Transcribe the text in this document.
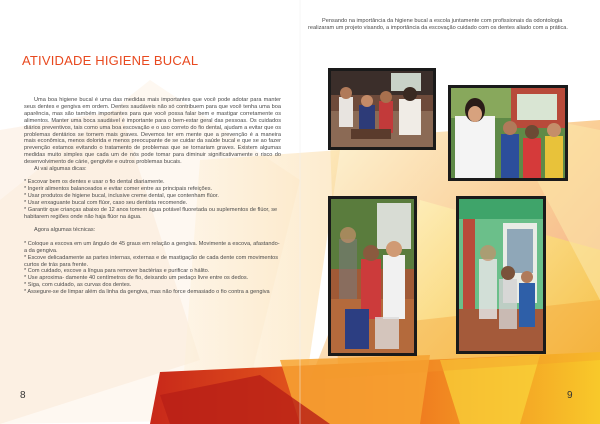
ATIVIDADE HIGIENE BUCAL

Uma boa higiene bucal é uma das medidas mais importantes que você pode adotar para manter seus dentes e gengiva em ordem. Dentes saudáveis não só contribuem para que você tenha uma boa aparência, mas são também importantes para que você possa falar bem e mastigar corretamente os alimentos. Manter uma boca saudável é importante para o bem-estar geral das pessoas. Os cuidados diários preventivos, tais como uma boa escovação e o uso correto do fio dental, ajudam a evitar que os problemas dentários se tornem mais graves. Devemos ter em mente que a prevenção é a maneira mais econômica, menos dolorida e menos preocupante de se cuidar da saúde bucal e que se ao fazer prevenção estamos evitando o tratamento de problemas que se tornariam graves. Existem algumas medidas muito simples que cada um de nós pode tomar para diminuir significativamente o risco do desenvolvimento de cárie, gengivite e outros problemas bucais.

Ai vai algumas dicas:

* Escovar bem os dentes e usar o fio dental diariamente.

* Ingerir alimentos balanceados e evitar comer entre as principais refeições.

* Usar produtos de higiene bucal, inclusive creme dental, que contenham flúor.

* Usar enxaguante bucal com flúor, caso seu dentista recomende.

* Garantir que crianças abaixo de 12 anos tomem água potável fluoretada ou suplementos de flúor, se habitarem regiões onde não haja flúor na água.

Agora algumas técnicas:

* Coloque a escova em um ângulo de 45 graus em relação a gengiva. Movimente a escova, afastando-a da gengiva.

* Escove delicadamente as partes internas, externas e de mastigação de cada dente com movimentos curtos de trás para frente.

* Com cuidado, escove a língua para remover bactérias e purificar o hálito.

* Use aproxima- damente 40 centímetros de fio, deixando um pedaço livre entre os dedos.

* Siga, com cuidado, as curvas dos dentes.

* Assegure-se de limpar além da linha da gengiva, mas não force demasiado o fio contra a gengiva

8

Pensando na importância da higiene bucal a escola juntamente com profissionais da odontologia realizaram um projeto visando, a importância da escovação cuidado com os dentes aliado com a prática.

9
